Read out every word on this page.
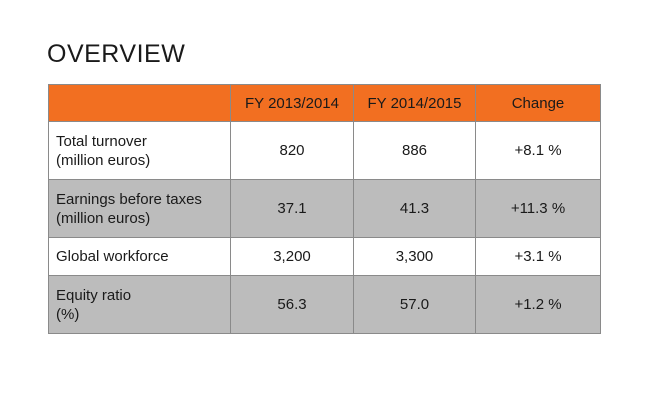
OVERVIEW
	FY 2013/2014	FY 2014/2015	Change

Total turnover
(million euros)	820	886	+8.1 %

Earnings before taxes
(million euros)	37.1	41.3	+11.3 %

Global workforce	3,200	3,300	+3.1 %

Equity ratio
(%)	56.3	57.0	+1.2 %
